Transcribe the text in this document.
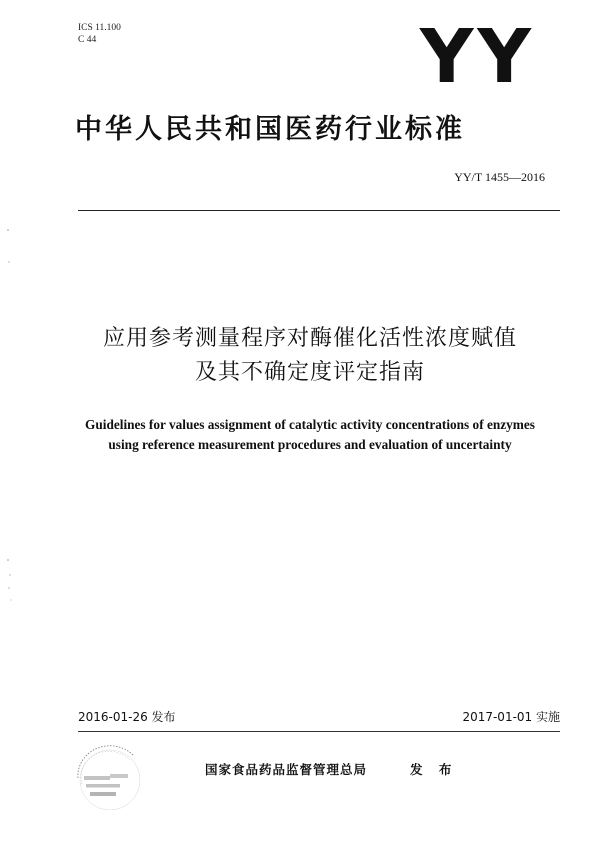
ICS 11.100
C 44	YY
中华人民共和国医药行业标准
YY/T 1455—2016
应用参考测量程序对酶催化活性浓度赋值
及其不确定度评定指南
Guidelines for values assignment of catalytic activity concentrations of enzymes
using reference measurement procedures and evaluation of uncertainty
2016-01-26 发布	2017-01-01 实施
国家食品药品监督管理总局	发 布
